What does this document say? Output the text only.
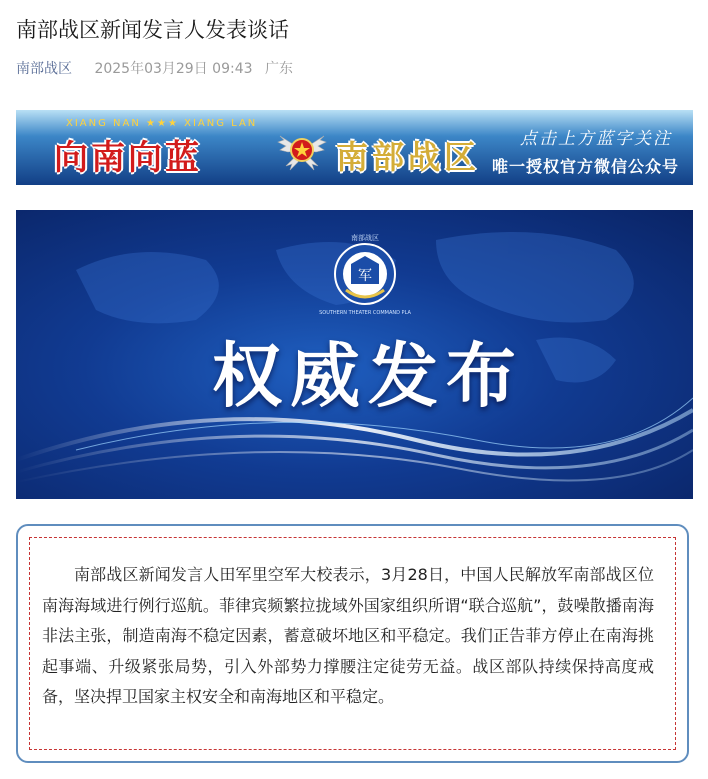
南部战区新闻发言人发表谈话
南部战区 2025年03月29日 09:43 广东
XIANG NAN ★★★ XIANG LAN
向南向蓝	南部战区 点击上方蓝字关注
唯一授权官方微信公众号
军
南部战区
SOUTHERN THEATER COMMAND PLA
权威发布

南部战区新闻发言人田军里空军大校表示，3月28日，中国人民解放军南部战区位南海海域进行例行巡航。菲律宾频繁拉拢域外国家组织所谓“联合巡航”，鼓噪散播南海非法主张，制造南海不稳定因素，蓄意破坏地区和平稳定。我们正告菲方停止在南海挑起事端、升级紧张局势，引入外部势力撑腰注定徒劳无益。战区部队持续保持高度戒备，坚决捍卫国家主权安全和南海地区和平稳定。
